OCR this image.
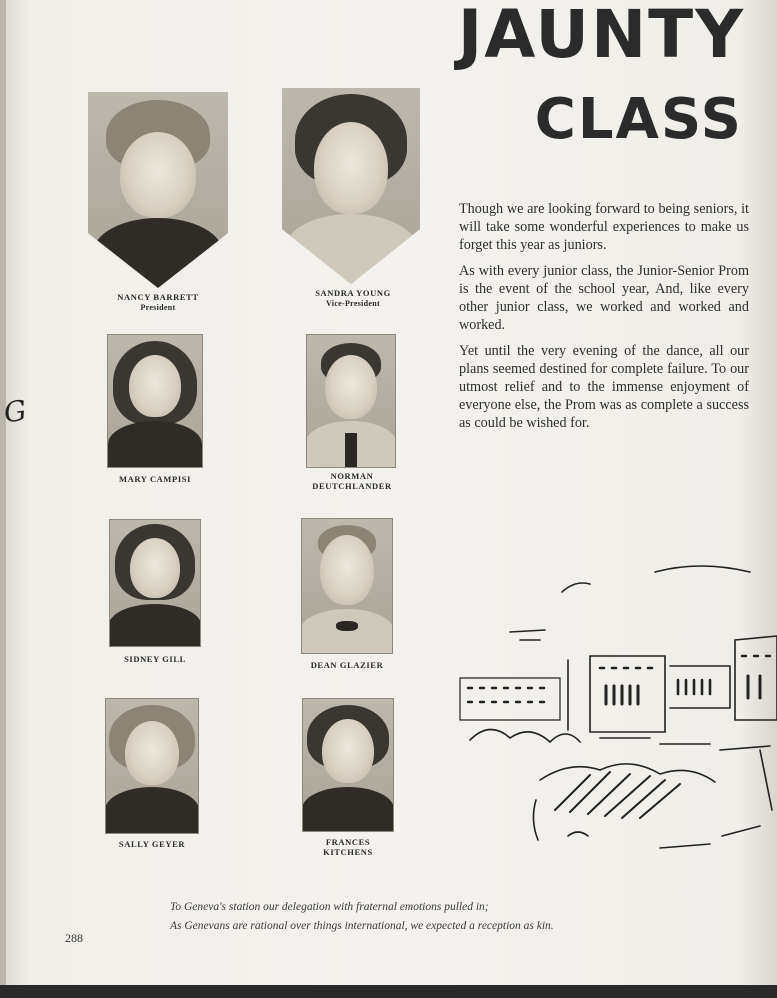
G
JAUNTY
CLASS
NANCY BARRETT
President
SANDRA YOUNG
Vice-President
MARY CAMPISI	NORMAN DEUTCHLANDER
SIDNEY GILL
DEAN GLAZIER
SALLY GEYER	FRANCES KITCHENS

Though we are looking forward to being seniors, it will take some wonderful experiences to make us forget this year as juniors.

As with every junior class, the Junior-Senior Prom is the event of the school year, And, like every other junior class, we worked and worked and worked.

Yet until the very evening of the dance, all our plans seemed destined for complete failure. To our utmost relief and to the immense enjoyment of everyone else, the Prom was as complete a success as could be wished for.

To Geneva's station our delegation with fraternal emotions pulled in;
As Genevans are rational over things international, we expected a reception as kin.
288
